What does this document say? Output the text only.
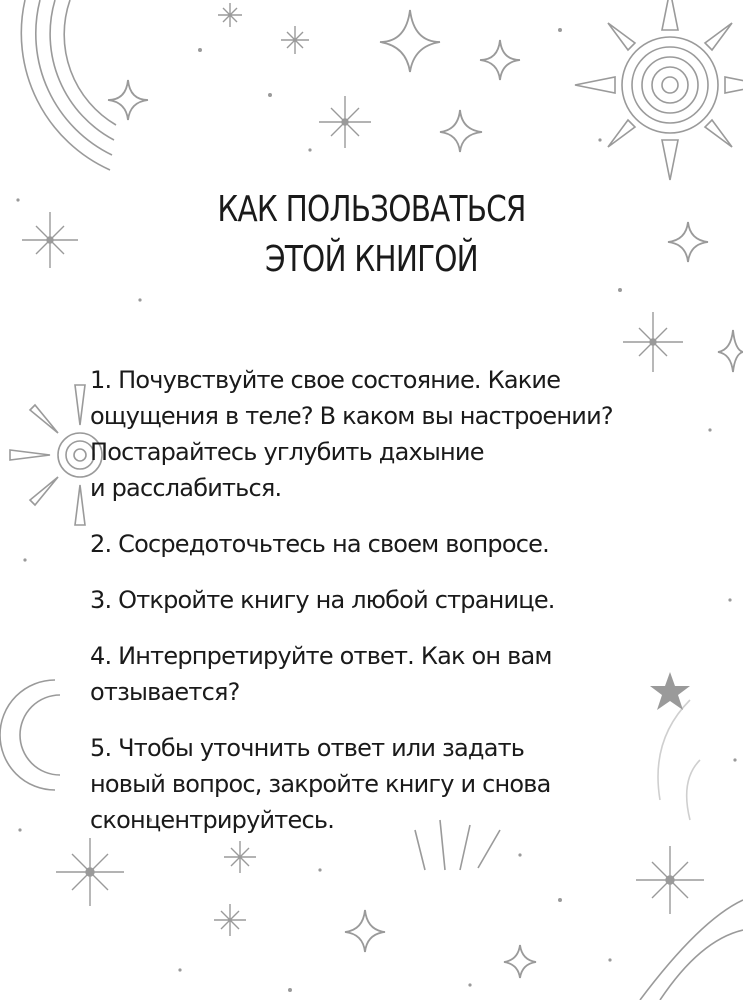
КАК ПОЛЬЗОВАТЬСЯ
ЭТОЙ КНИГОЙ
1. Почувствуйте свое состояние. Какие
ощущения в теле? В каком вы настроении?
Постарайтесь углубить дахыние
и расслабиться.
2. Сосредоточьтесь на своем вопросе.
3. Откройте книгу на любой странице.
4. Интерпретируйте ответ. Как он вам
отзывается?
5. Чтобы уточнить ответ или задать
новый вопрос, закройте книгу и снова
сконцентрируйтесь.
